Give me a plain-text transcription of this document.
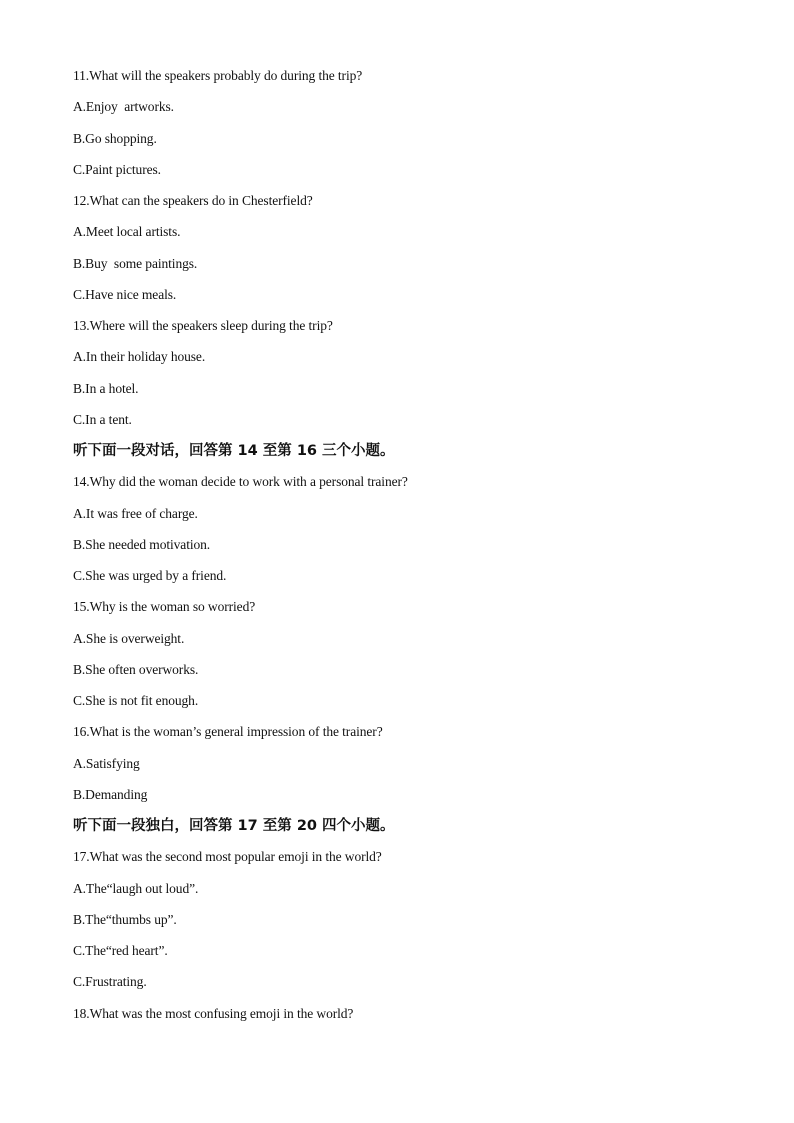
11.What will the speakers probably do during the trip?
A.Enjoy  artworks.
B.Go shopping.
C.Paint pictures.
12.What can the speakers do in Chesterfield?
A.Meet local artists.
B.Buy  some paintings.
C.Have nice meals.
13.Where will the speakers sleep during the trip?
A.In their holiday house.
B.In a hotel.
C.In a tent.
听下面一段对话，回答第 14 至第 16 三个小题。
14.Why did the woman decide to work with a personal trainer?
A.It was free of charge.
B.She needed motivation.
C.She was urged by a friend.
15.Why is the woman so worried?
A.She is overweight.
B.She often overworks.
C.She is not fit enough.
16.What is the woman’s general impression of the trainer?
A.Satisfying
B.Demanding
听下面一段独白，回答第 17 至第 20 四个小题。
17.What was the second most popular emoji in the world?
A.The“laugh out loud”.
B.The“thumbs up”.
C.The“red heart”.
C.Frustrating.
18.What was the most confusing emoji in the world?
